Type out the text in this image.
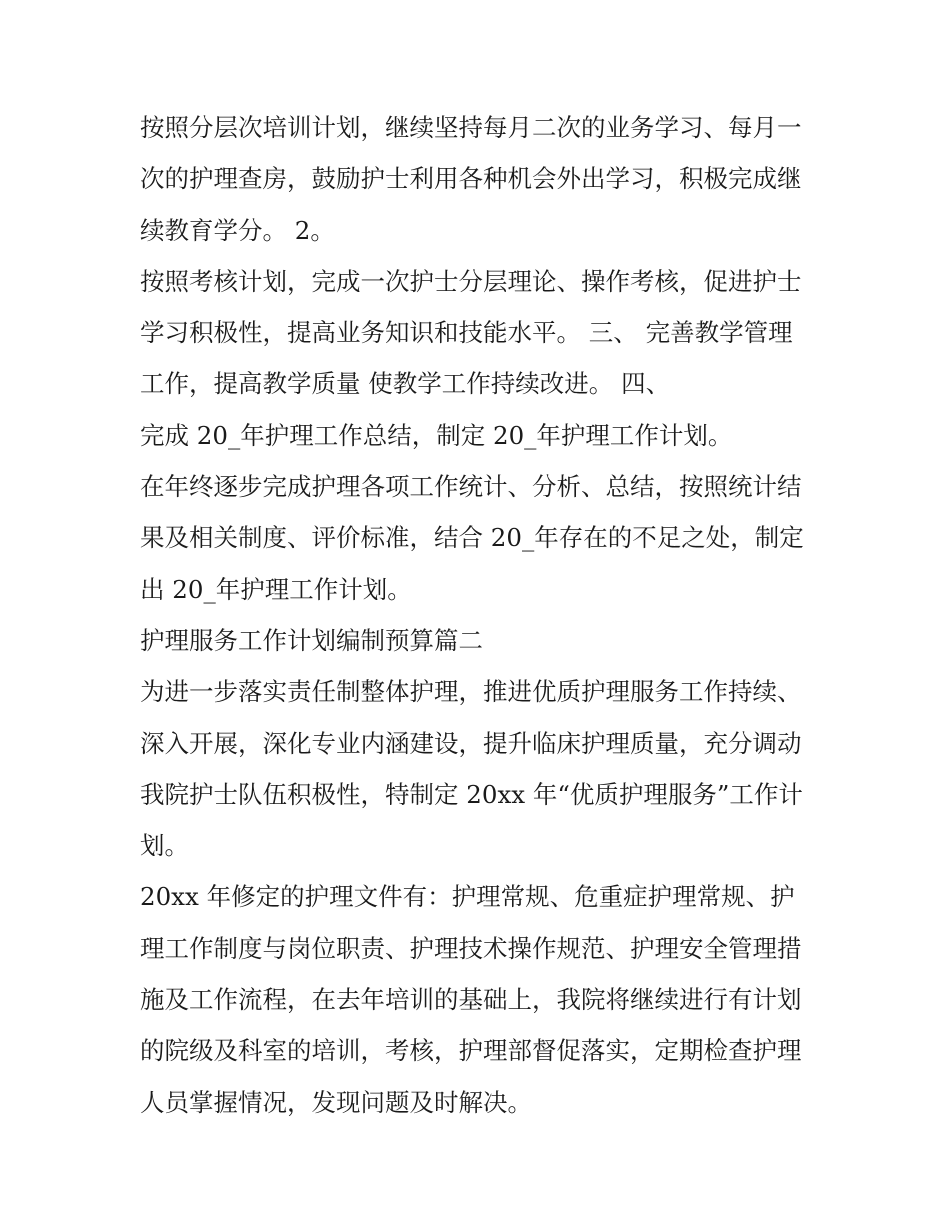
按照分层次培训计划，继续坚持每月二次的业务学习、每月一
次的护理查房，鼓励护士利用各种机会外出学习，积极完成继
续教育学分。 2。
按照考核计划，完成一次护士分层理论、操作考核，促进护士
学习积极性，提高业务知识和技能水平。 三、 完善教学管理
工作，提高教学质量 使教学工作持续改进。 四、
完成 20_年护理工作总结，制定 20_年护理工作计划。
在年终逐步完成护理各项工作统计、分析、总结，按照统计结
果及相关制度、评价标准，结合 20_年存在的不足之处，制定
出 20_年护理工作计划。
护理服务工作计划编制预算篇二
为进一步落实责任制整体护理，推进优质护理服务工作持续、
深入开展，深化专业内涵建设，提升临床护理质量，充分调动
我院护士队伍积极性，特制定 20xx 年“优质护理服务”工作计
划。
20xx 年修定的护理文件有：护理常规、危重症护理常规、护
理工作制度与岗位职责、护理技术操作规范、护理安全管理措
施及工作流程，在去年培训的基础上，我院将继续进行有计划
的院级及科室的培训，考核，护理部督促落实，定期检查护理
人员掌握情况，发现问题及时解决。
